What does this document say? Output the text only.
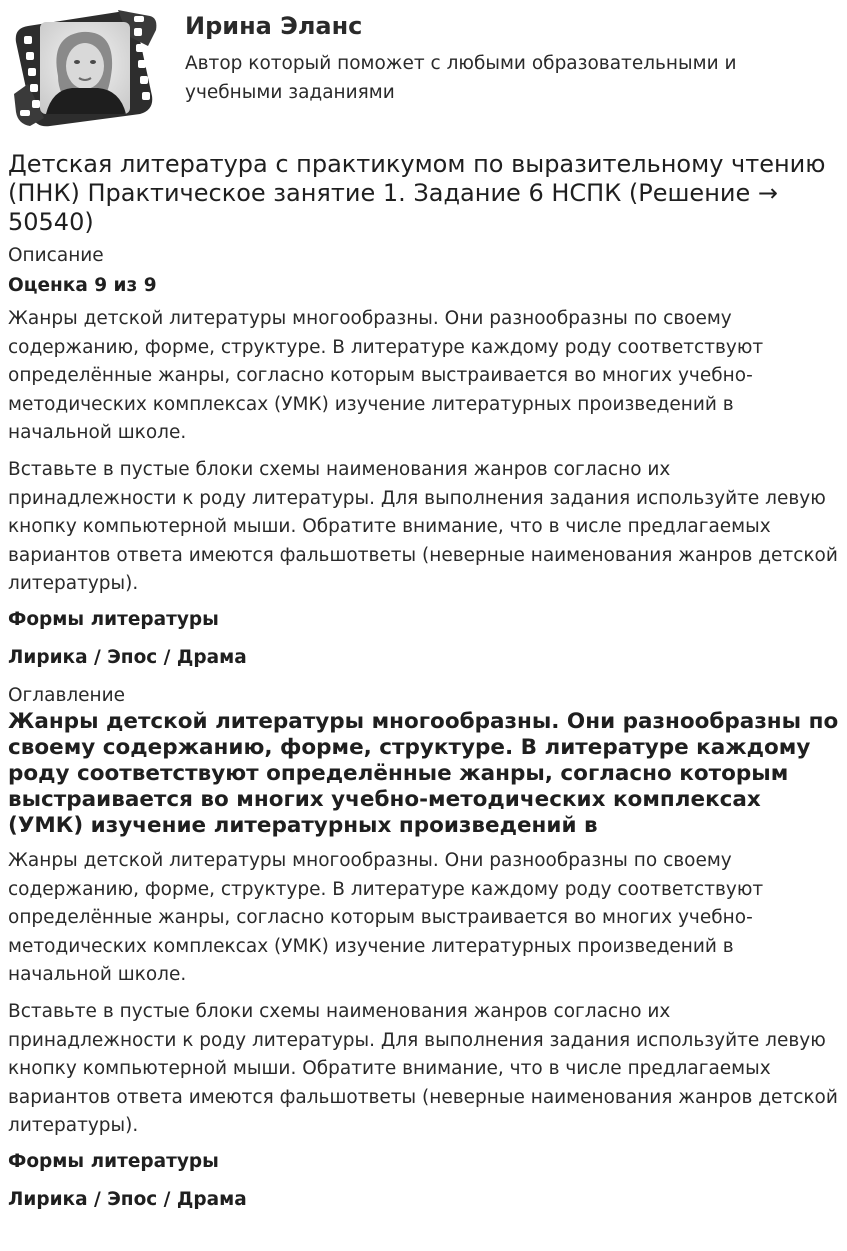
Ирина Эланс

Автор который поможет с любыми образовательными и учебными заданиями

Детская литература с практикумом по выразительному чтению (ПНК) Практическое занятие 1. Задание 6 НСПК (Решение → 50540)

Описание

Оценка 9 из 9

Жанры детской литературы многообразны. Они разнообразны по своему содержанию, форме, структуре. В литературе каждому роду соответствуют определённые жанры, согласно которым выстраивается во многих учебно-методических комплексах (УМК) изучение литературных произведений в начальной школе.

Вставьте в пустые блоки схемы наименования жанров согласно их принадлежности к роду литературы. Для выполнения задания используйте левую кнопку компьютерной мыши. Обратите внимание, что в числе предлагаемых вариантов ответа имеются фальшответы (неверные наименования жанров детской литературы).

Формы литературы

Лирика / Эпос / Драма

Оглавление

Жанры детской литературы многообразны. Они разнообразны по своему содержанию, форме, структуре. В литературе каждому роду соответствуют определённые жанры, согласно которым выстраивается во многих учебно-методических комплексах (УМК) изучение литературных произведений в

Жанры детской литературы многообразны. Они разнообразны по своему содержанию, форме, структуре. В литературе каждому роду соответствуют определённые жанры, согласно которым выстраивается во многих учебно-методических комплексах (УМК) изучение литературных произведений в начальной школе.

Вставьте в пустые блоки схемы наименования жанров согласно их принадлежности к роду литературы. Для выполнения задания используйте левую кнопку компьютерной мыши. Обратите внимание, что в числе предлагаемых вариантов ответа имеются фальшответы (неверные наименования жанров детской литературы).

Формы литературы

Лирика / Эпос / Драма
